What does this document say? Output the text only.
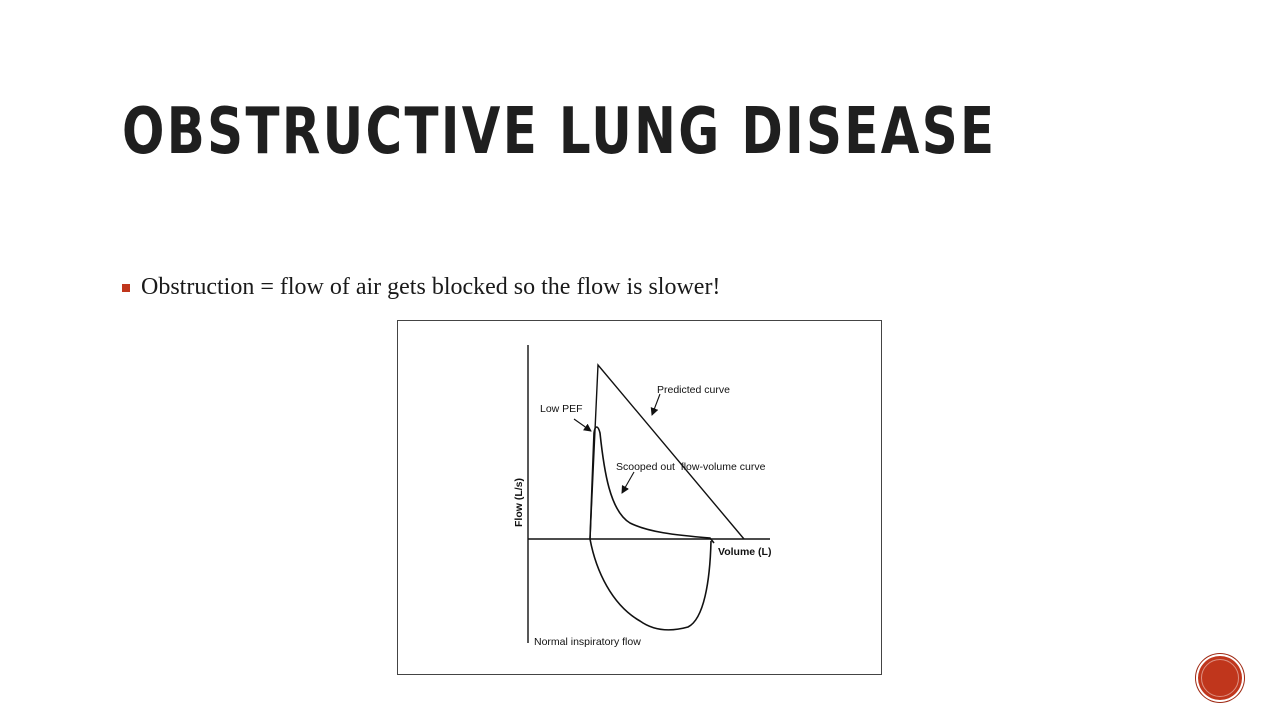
OBSTRUCTIVE LUNG DISEASE
Obstruction = flow of air gets blocked so the flow is slower!
Predicted curve
Low PEF
Scooped out  flow-volume curve
Volume (L)
Normal inspiratory flow
Flow (L/s)
